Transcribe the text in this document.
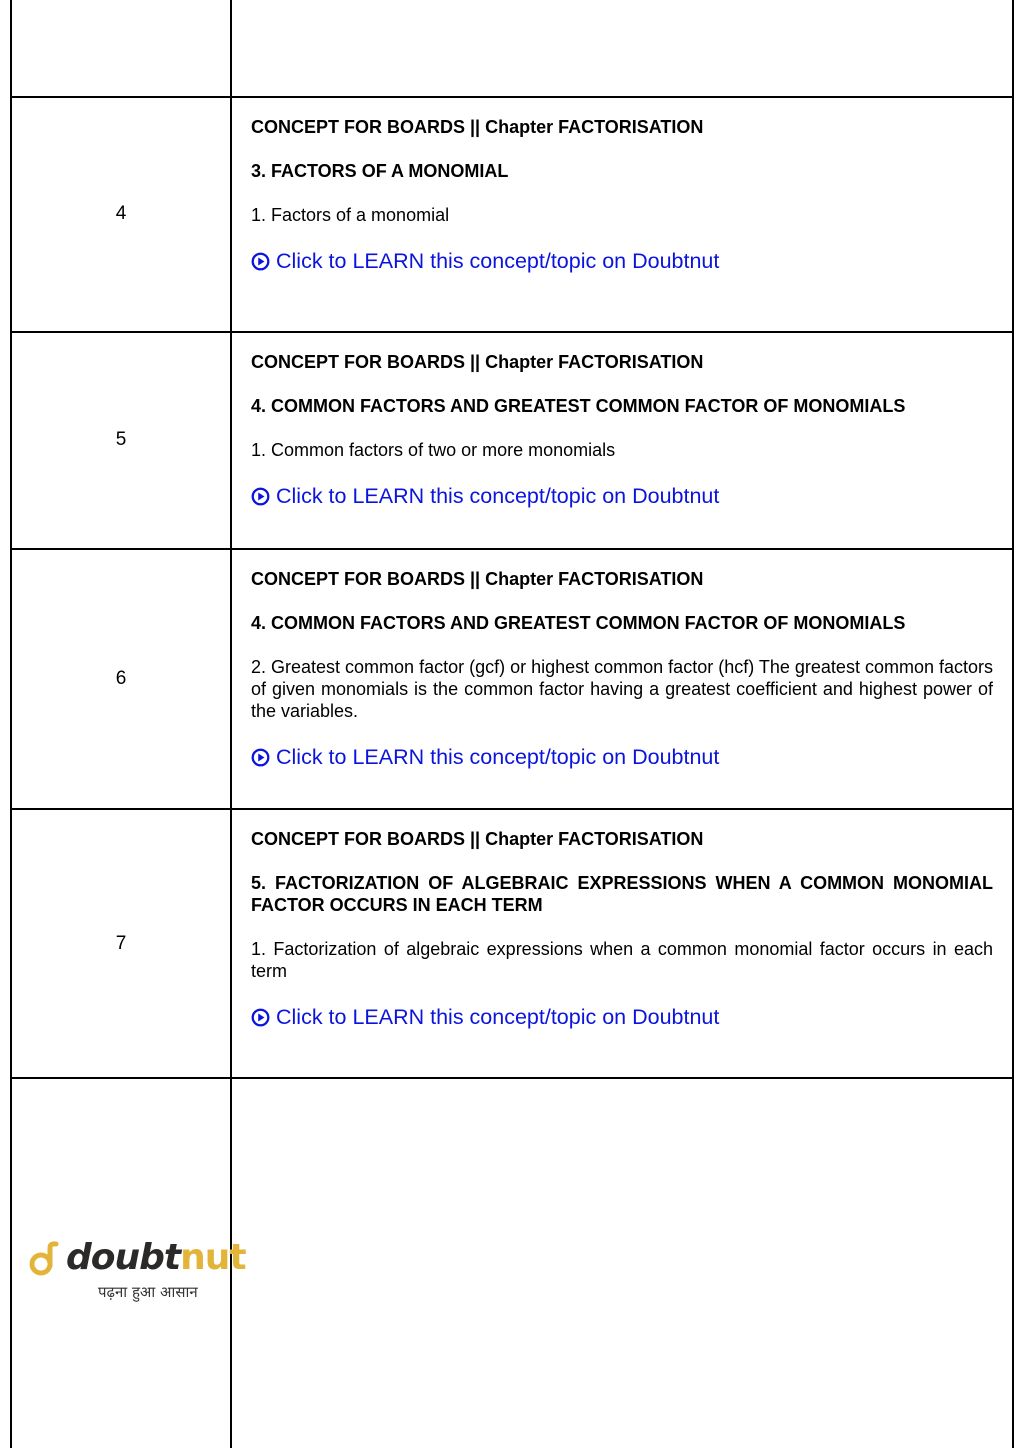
4
CONCEPT FOR BOARDS || Chapter FACTORISATION
3. FACTORS OF A MONOMIAL
1. Factors of a monomial
Click to LEARN this concept/topic on Doubtnut
5
CONCEPT FOR BOARDS || Chapter FACTORISATION
4. COMMON FACTORS AND GREATEST COMMON FACTOR OF MONOMIALS
1. Common factors of two or more monomials
Click to LEARN this concept/topic on Doubtnut
6
CONCEPT FOR BOARDS || Chapter FACTORISATION
4. COMMON FACTORS AND GREATEST COMMON FACTOR OF MONOMIALS
2. Greatest common factor (gcf) or highest common factor (hcf) The greatest common factors of given monomials is the common factor having a greatest coefficient and highest power of the variables.
Click to LEARN this concept/topic on Doubtnut
7
CONCEPT FOR BOARDS || Chapter FACTORISATION
5. FACTORIZATION OF ALGEBRAIC EXPRESSIONS WHEN A COMMON MONOMIAL FACTOR OCCURS IN EACH TERM
1. Factorization of algebraic expressions when a common monomial factor occurs in each term
Click to LEARN this concept/topic on Doubtnut
doubtnut
पढ़ना हुआ आसान
